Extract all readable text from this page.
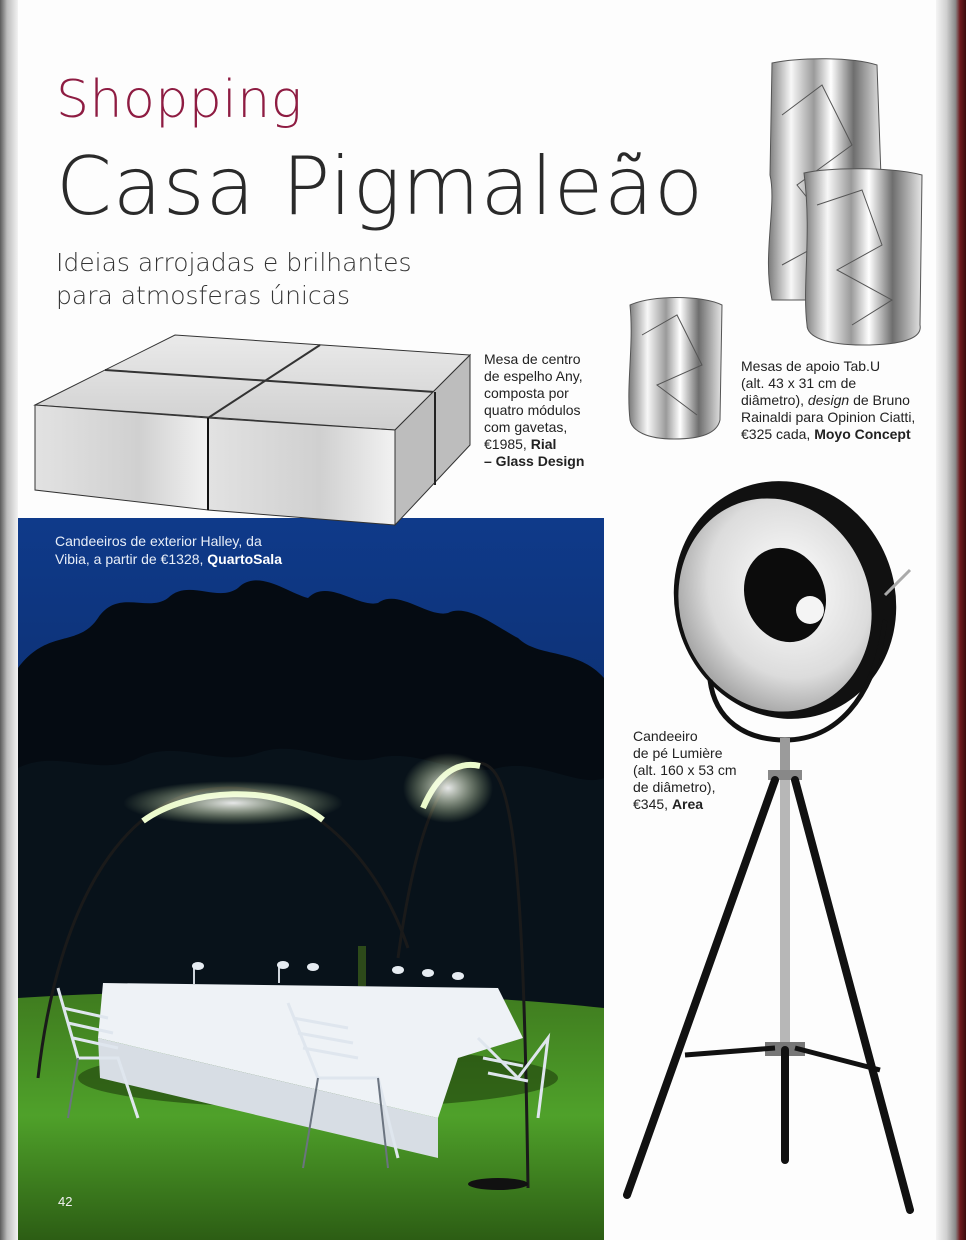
Shopping
Casa Pigmaleão

Ideias arrojadas e brilhantes
para atmosferas únicas

Candeeiros de exterior Halley, da
Vibia, a partir de €1328, QuartoSala

42

Mesa de centro
de espelho Any,
composta por
quatro módulos
com gavetas,
€1985, Rial
– Glass Design

Mesas de apoio Tab.U
(alt. 43 x 31 cm de
diâmetro), design de Bruno
Rainaldi para Opinion Ciatti,
€325 cada, Moyo Concept

Candeeiro
de pé Lumière
(alt. 160 x 53 cm
de diâmetro),
€345, Area
